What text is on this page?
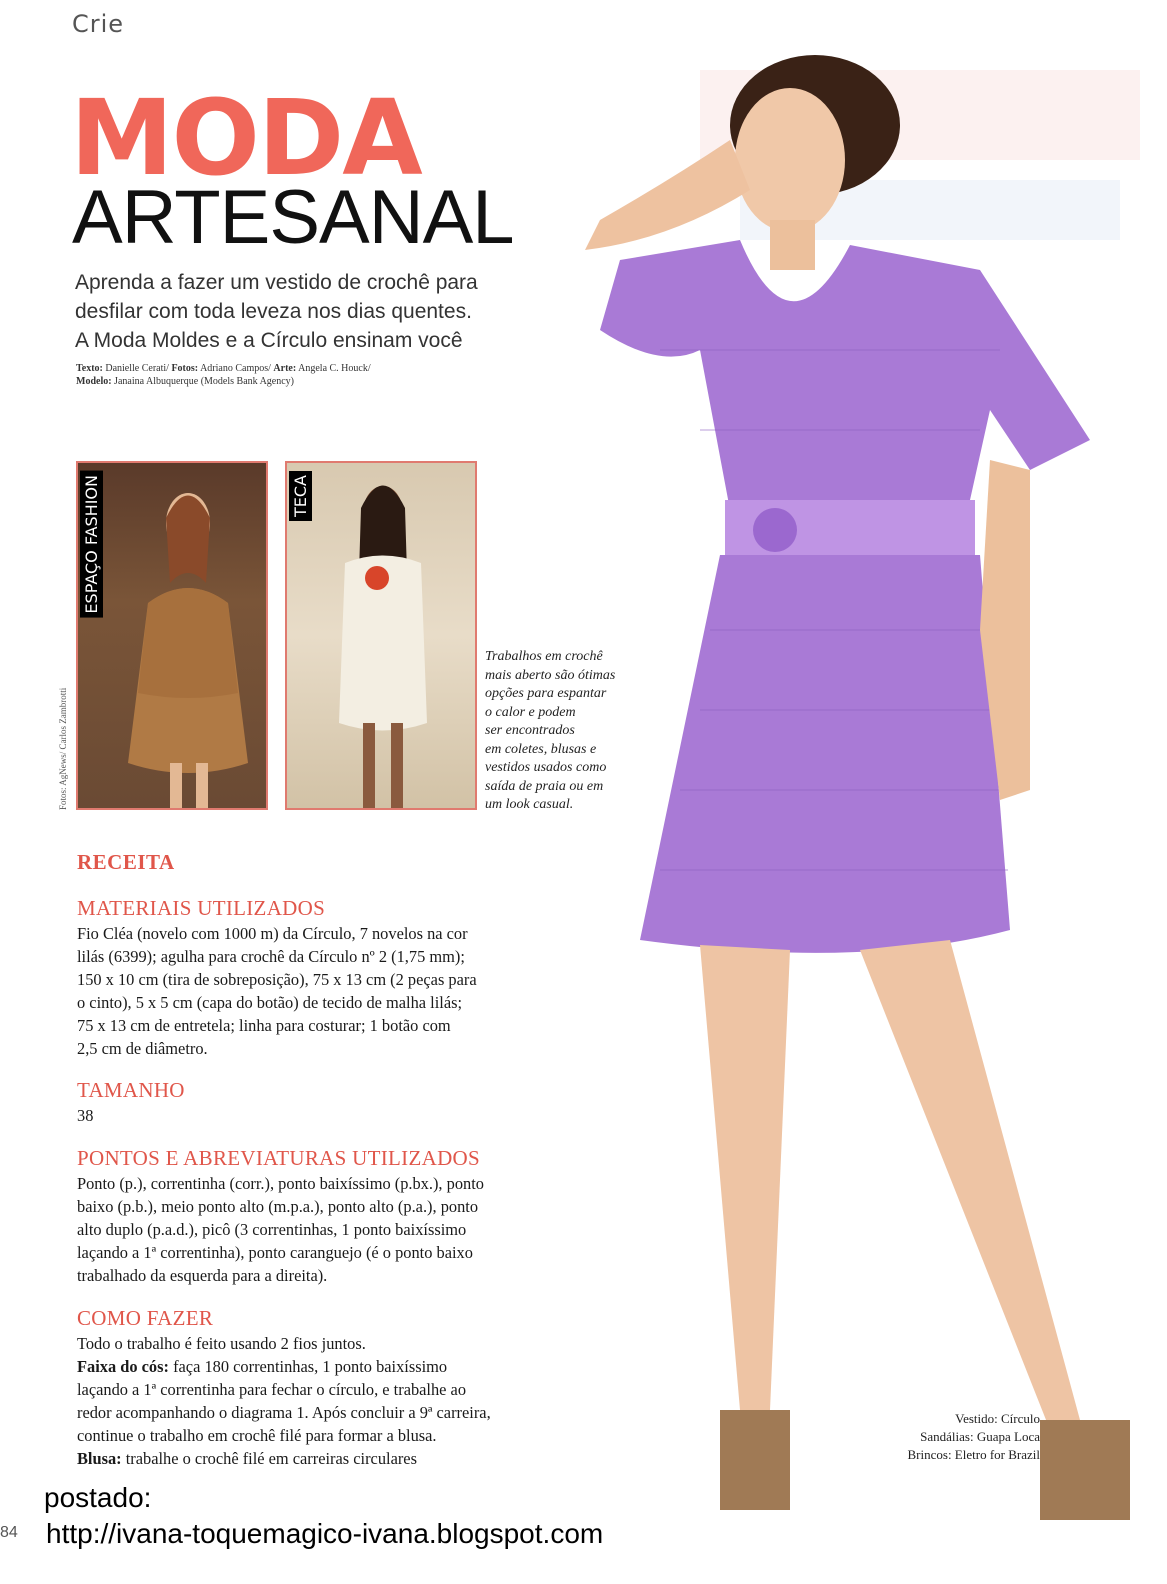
Crie
MODA
ARTESANAL
Aprenda a fazer um vestido de crochê para
desfilar com toda leveza nos dias quentes.
A Moda Moldes e a Círculo ensinam você
Texto: Danielle Cerati/ Fotos: Adriano Campos/ Arte: Angela C. Houck/
Modelo: Janaina Albuquerque (Models Bank Agency)
ESPAÇO FASHION
Fotos: AgNews/ Carlos Zambrotti
TECA
Trabalhos em crochê
mais aberto são ótimas
opções para espantar
o calor e podem
ser encontrados
em coletes, blusas e
vestidos usados como
saída de praia ou em
um look casual.
RECEITA
MATERIAIS UTILIZADOS
Fio Cléa (novelo com 1000 m) da Círculo, 7 novelos na cor
lilás (6399); agulha para crochê da Círculo nº 2 (1,75 mm);
150 x 10 cm (tira de sobreposição), 75 x 13 cm (2 peças para
o cinto), 5 x 5 cm (capa do botão) de tecido de malha lilás;
75 x 13 cm de entretela; linha para costurar; 1 botão com
2,5 cm de diâmetro.
TAMANHO
38
PONTOS E ABREVIATURAS UTILIZADOS
Ponto (p.), correntinha (corr.), ponto baixíssimo (p.bx.), ponto
baixo (p.b.), meio ponto alto (m.p.a.), ponto alto (p.a.), ponto
alto duplo (p.a.d.), picô (3 correntinhas, 1 ponto baixíssimo
laçando a 1ª correntinha), ponto caranguejo (é o ponto baixo
trabalhado da esquerda para a direita).
COMO FAZER
Todo o trabalho é feito usando 2 fios juntos.
Faixa do cós: faça 180 correntinhas, 1 ponto baixíssimo
laçando a 1ª correntinha para fechar o círculo, e trabalhe ao
redor acompanhando o diagrama 1. Após concluir a 9ª carreira,
continue o trabalho em crochê filé para formar a blusa.
Blusa: trabalhe o crochê filé em carreiras circulares
Vestido: Círculo
Sandálias: Guapa Loca
Brincos: Eletro for Brazil
postado:
84 http://ivana-toquemagico-ivana.blogspot.com
